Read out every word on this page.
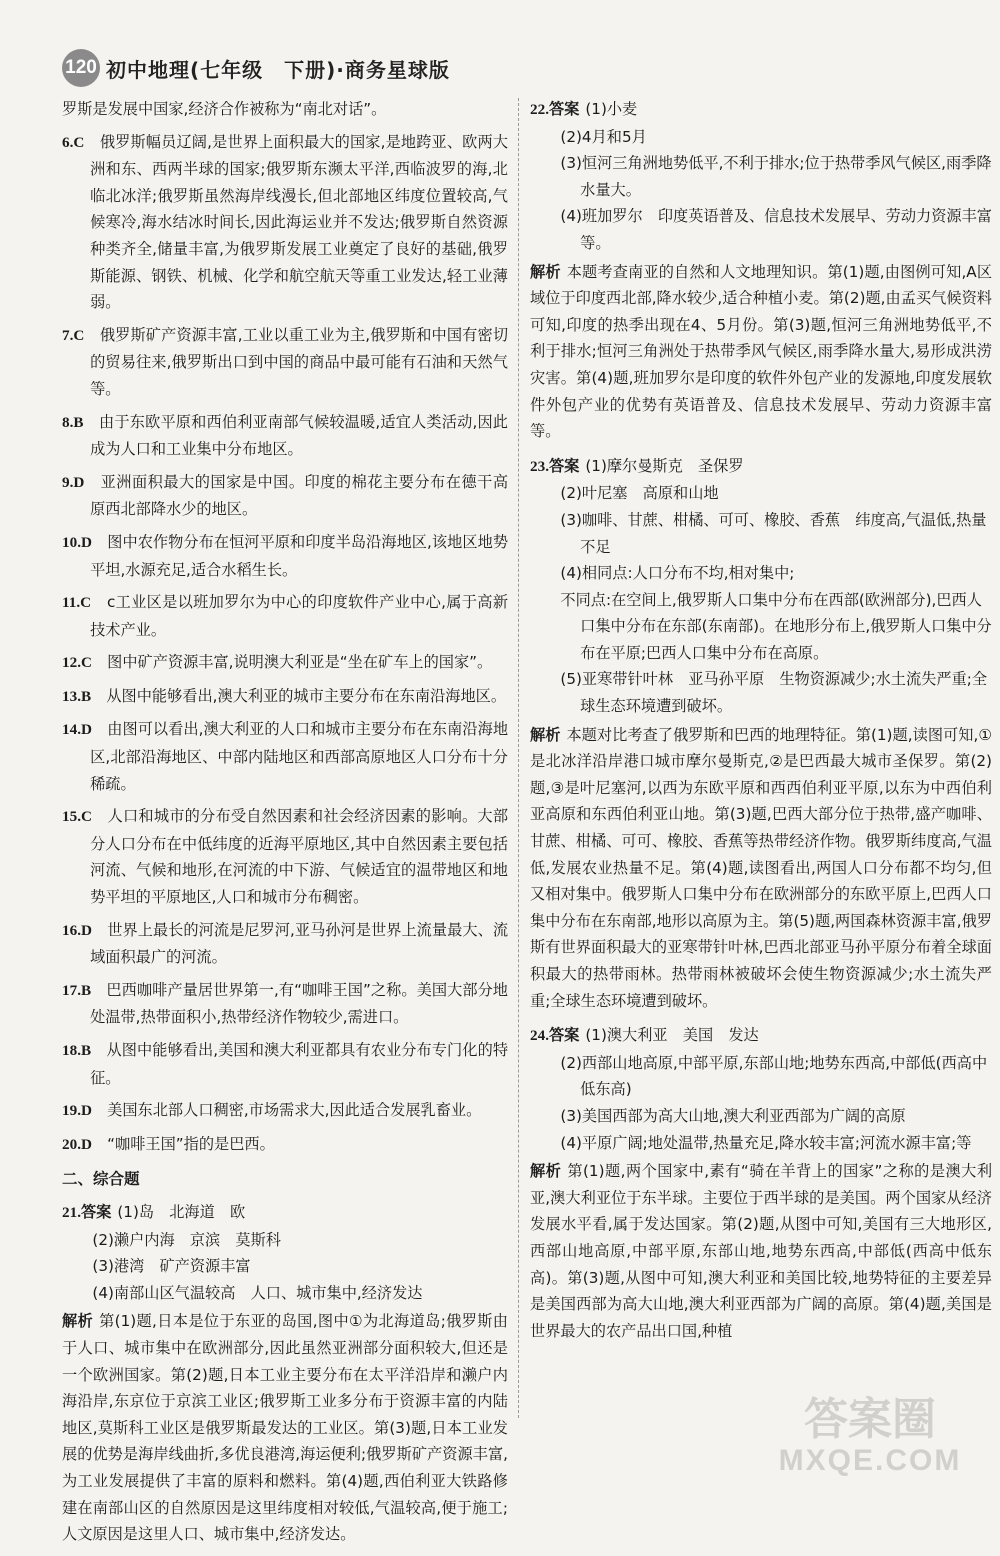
120 初中地理(七年级　下册)·商务星球版

罗斯是发展中国家,经济合作被称为“南北对话”。

6.C　 俄罗斯幅员辽阔,是世界上面积最大的国家,是地跨亚、欧两大洲和东、西两半球的国家;俄罗斯东濒太平洋,西临波罗的海,北临北冰洋;俄罗斯虽然海岸线漫长,但北部地区纬度位置较高,气候寒冷,海水结冰时间长,因此海运业并不发达;俄罗斯自然资源种类齐全,储量丰富,为俄罗斯发展工业奠定了良好的基础,俄罗斯能源、钢铁、机械、化学和航空航天等重工业发达,轻工业薄弱。

7.C　 俄罗斯矿产资源丰富,工业以重工业为主,俄罗斯和中国有密切的贸易往来,俄罗斯出口到中国的商品中最可能有石油和天然气等。

8.B　 由于东欧平原和西伯利亚南部气候较温暖,适宜人类活动,因此成为人口和工业集中分布地区。

9.D　 亚洲面积最大的国家是中国。印度的棉花主要分布在德干高原西北部降水少的地区。

10.D　 图中农作物分布在恒河平原和印度半岛沿海地区,该地区地势平坦,水源充足,适合水稻生长。

11.C　 c工业区是以班加罗尔为中心的印度软件产业中心,属于高新技术产业。

12.C　 图中矿产资源丰富,说明澳大利亚是“坐在矿车上的国家”。

13.B　 从图中能够看出,澳大利亚的城市主要分布在东南沿海地区。

14.D　 由图可以看出,澳大利亚的人口和城市主要分布在东南沿海地区,北部沿海地区、中部内陆地区和西部高原地区人口分布十分稀疏。

15.C　 人口和城市的分布受自然因素和社会经济因素的影响。大部分人口分布在中低纬度的近海平原地区,其中自然因素主要包括河流、气候和地形,在河流的中下游、气候适宜的温带地区和地势平坦的平原地区,人口和城市分布稠密。

16.D　 世界上最长的河流是尼罗河,亚马孙河是世界上流量最大、流域面积最广的河流。

17.B　 巴西咖啡产量居世界第一,有“咖啡王国”之称。美国大部分地处温带,热带面积小,热带经济作物较少,需进口。

18.B　 从图中能够看出,美国和澳大利亚都具有农业分布专门化的特征。

19.D　 美国东北部人口稠密,市场需求大,因此适合发展乳畜业。

20.D　 “咖啡王国”指的是巴西。

二、综合题
21.答案 (1)岛　北海道　欧

(2)濑户内海　京滨　莫斯科

(3)港湾　矿产资源丰富

(4)南部山区气温较高　人口、城市集中,经济发达

解析 第(1)题,日本是位于东亚的岛国,图中①为北海道岛;俄罗斯由于人口、城市集中在欧洲部分,因此虽然亚洲部分面积较大,但还是一个欧洲国家。第(2)题,日本工业主要分布在太平洋沿岸和濑户内海沿岸,东京位于京滨工业区;俄罗斯工业多分布于资源丰富的内陆地区,莫斯科工业区是俄罗斯最发达的工业区。第(3)题,日本工业发展的优势是海岸线曲折,多优良港湾,海运便利;俄罗斯矿产资源丰富,为工业发展提供了丰富的原料和燃料。第(4)题,西伯利亚大铁路修建在南部山区的自然原因是这里纬度相对较低,气温较高,便于施工;人文原因是这里人口、城市集中,经济发达。

22.答案 (1)小麦

(2)4月和5月

(3)恒河三角洲地势低平,不利于排水;位于热带季风气候区,雨季降水量大。

(4)班加罗尔　印度英语普及、信息技术发展早、劳动力资源丰富等。

解析 本题考查南亚的自然和人文地理知识。第(1)题,由图例可知,A区域位于印度西北部,降水较少,适合种植小麦。第(2)题,由孟买气候资料可知,印度的热季出现在4、5月份。第(3)题,恒河三角洲地势低平,不利于排水;恒河三角洲处于热带季风气候区,雨季降水量大,易形成洪涝灾害。第(4)题,班加罗尔是印度的软件外包产业的发源地,印度发展软件外包产业的优势有英语普及、信息技术发展早、劳动力资源丰富等。

23.答案 (1)摩尔曼斯克　圣保罗

(2)叶尼塞　高原和山地

(3)咖啡、甘蔗、柑橘、可可、橡胶、香蕉　纬度高,气温低,热量不足

(4)相同点:人口分布不均,相对集中;

不同点:在空间上,俄罗斯人口集中分布在西部(欧洲部分),巴西人口集中分布在东部(东南部)。在地形分布上,俄罗斯人口集中分布在平原;巴西人口集中分布在高原。

(5)亚寒带针叶林　亚马孙平原　生物资源减少;水土流失严重;全球生态环境遭到破坏。

解析 本题对比考查了俄罗斯和巴西的地理特征。第(1)题,读图可知,①是北冰洋沿岸港口城市摩尔曼斯克,②是巴西最大城市圣保罗。第(2)题,③是叶尼塞河,以西为东欧平原和西西伯利亚平原,以东为中西伯利亚高原和东西伯利亚山地。第(3)题,巴西大部分位于热带,盛产咖啡、甘蔗、柑橘、可可、橡胶、香蕉等热带经济作物。俄罗斯纬度高,气温低,发展农业热量不足。第(4)题,读图看出,两国人口分布都不均匀,但又相对集中。俄罗斯人口集中分布在欧洲部分的东欧平原上,巴西人口集中分布在东南部,地形以高原为主。第(5)题,两国森林资源丰富,俄罗斯有世界面积最大的亚寒带针叶林,巴西北部亚马孙平原分布着全球面积最大的热带雨林。热带雨林被破坏会使生物资源减少;水土流失严重;全球生态环境遭到破坏。

24.答案 (1)澳大利亚　美国　发达

(2)西部山地高原,中部平原,东部山地;地势东西高,中部低(西高中低东高)

(3)美国西部为高大山地,澳大利亚西部为广阔的高原

(4)平原广阔;地处温带,热量充足,降水较丰富;河流水源丰富;等

解析 第(1)题,两个国家中,素有“骑在羊背上的国家”之称的是澳大利亚,澳大利亚位于东半球。主要位于西半球的是美国。两个国家从经济发展水平看,属于发达国家。第(2)题,从图中可知,美国有三大地形区,西部山地高原,中部平原,东部山地,地势东西高,中部低(西高中低东高)。第(3)题,从图中可知,澳大利亚和美国比较,地势特征的主要差异是美国西部为高大山地,澳大利亚西部为广阔的高原。第(4)题,美国是世界最大的农产品出口国,种植

答案圈
MXQE.COM
